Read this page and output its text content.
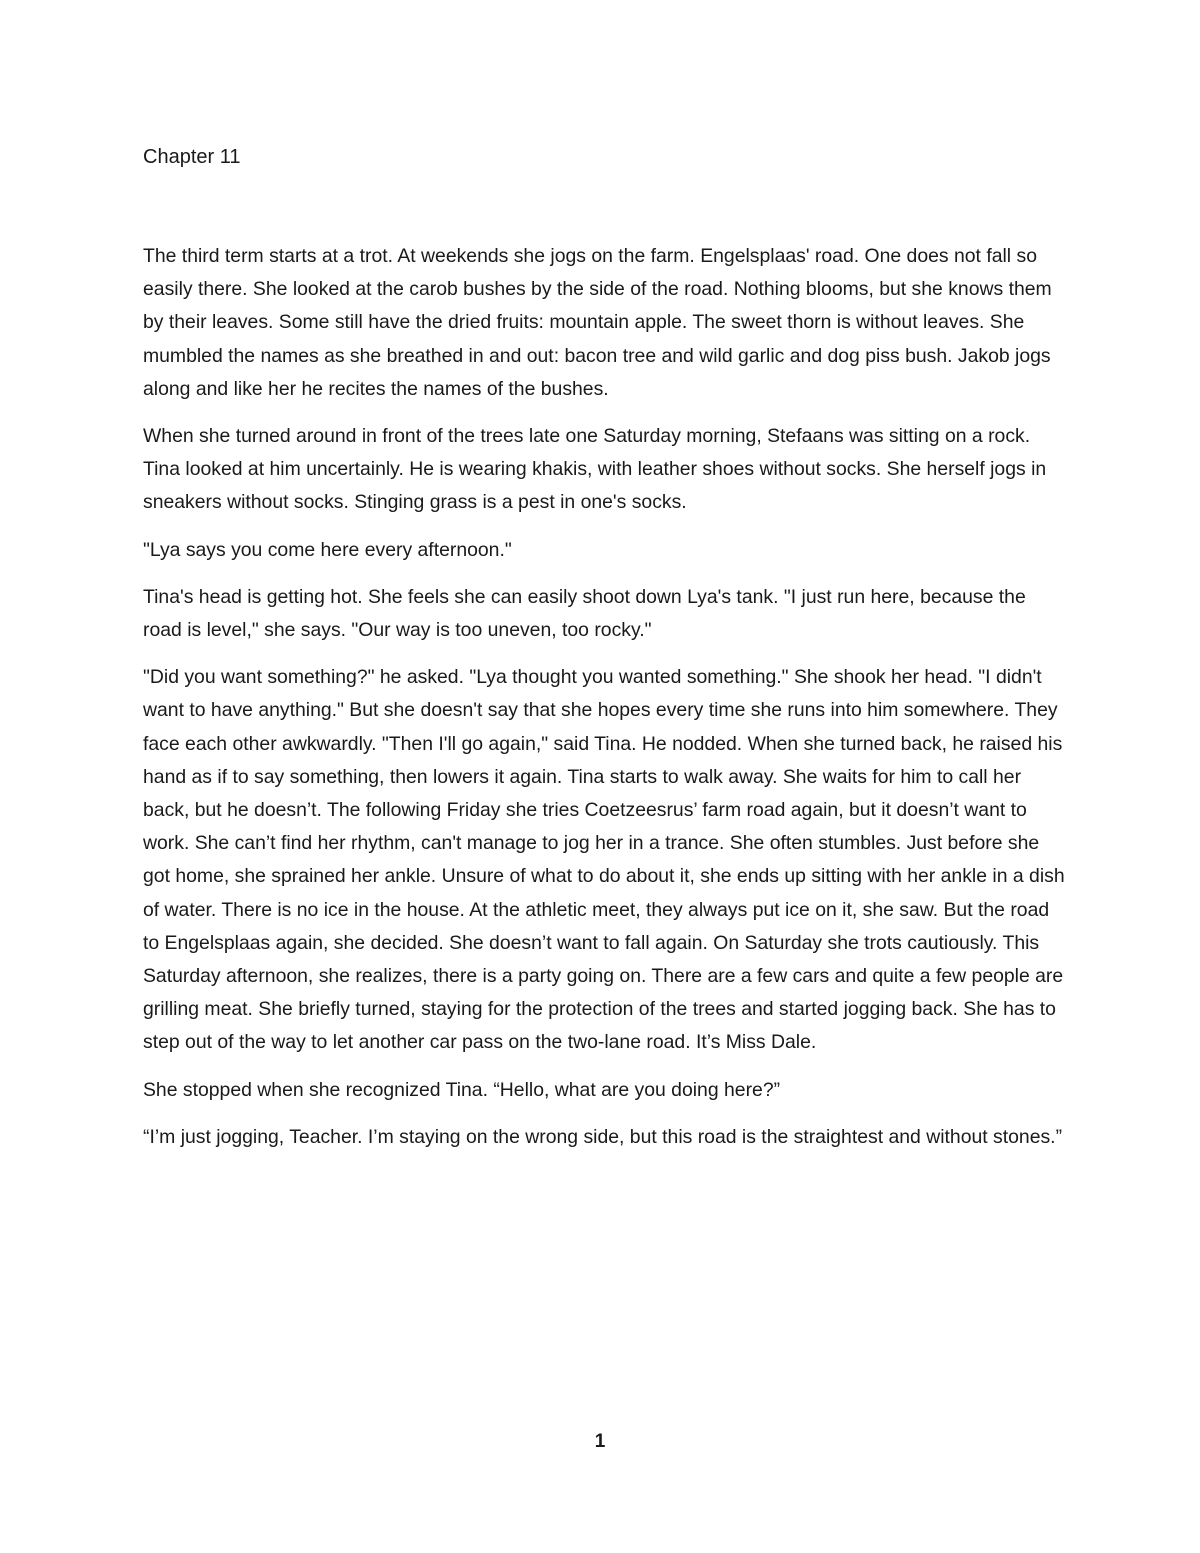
Chapter 11

The third term starts at a trot. At weekends she jogs on the farm. Engelsplaas' road. One does not fall so easily there. She looked at the carob bushes by the side of the road. Nothing blooms, but she knows them by their leaves. Some still have the dried fruits: mountain apple. The sweet thorn is without leaves. She mumbled the names as she breathed in and out: bacon tree and wild garlic and dog piss bush. Jakob jogs along and like her he recites the names of the bushes.

When she turned around in front of the trees late one Saturday morning, Stefaans was sitting on a rock. Tina looked at him uncertainly. He is wearing khakis, with leather shoes without socks. She herself jogs in sneakers without socks. Stinging grass is a pest in one's socks.

"Lya says you come here every afternoon."

Tina's head is getting hot. She feels she can easily shoot down Lya's tank. "I just run here, because the road is level," she says. "Our way is too uneven, too rocky."

"Did you want something?" he asked. "Lya thought you wanted something." She shook her head. "I didn't want to have anything." But she doesn't say that she hopes every time she runs into him somewhere. They face each other awkwardly. "Then I'll go again," said Tina. He nodded. When she turned back, he raised his hand as if to say something, then lowers it again. Tina starts to walk away. She waits for him to call her back, but he doesn’t. The following Friday she tries Coetzeesrus’ farm road again, but it doesn’t want to work. She can’t find her rhythm, can't manage to jog her in a trance. She often stumbles. Just before she got home, she sprained her ankle. Unsure of what to do about it, she ends up sitting with her ankle in a dish of water. There is no ice in the house. At the athletic meet, they always put ice on it, she saw. But the road to Engelsplaas again, she decided. She doesn’t want to fall again. On Saturday she trots cautiously. This Saturday afternoon, she realizes, there is a party going on. There are a few cars and quite a few people are grilling meat. She briefly turned, staying for the protection of the trees and started jogging back. She has to step out of the way to let another car pass on the two-lane road. It’s Miss Dale.

She stopped when she recognized Tina. “Hello, what are you doing here?”

“I’m just jogging, Teacher. I’m staying on the wrong side, but this road is the straightest and without stones.”

1
